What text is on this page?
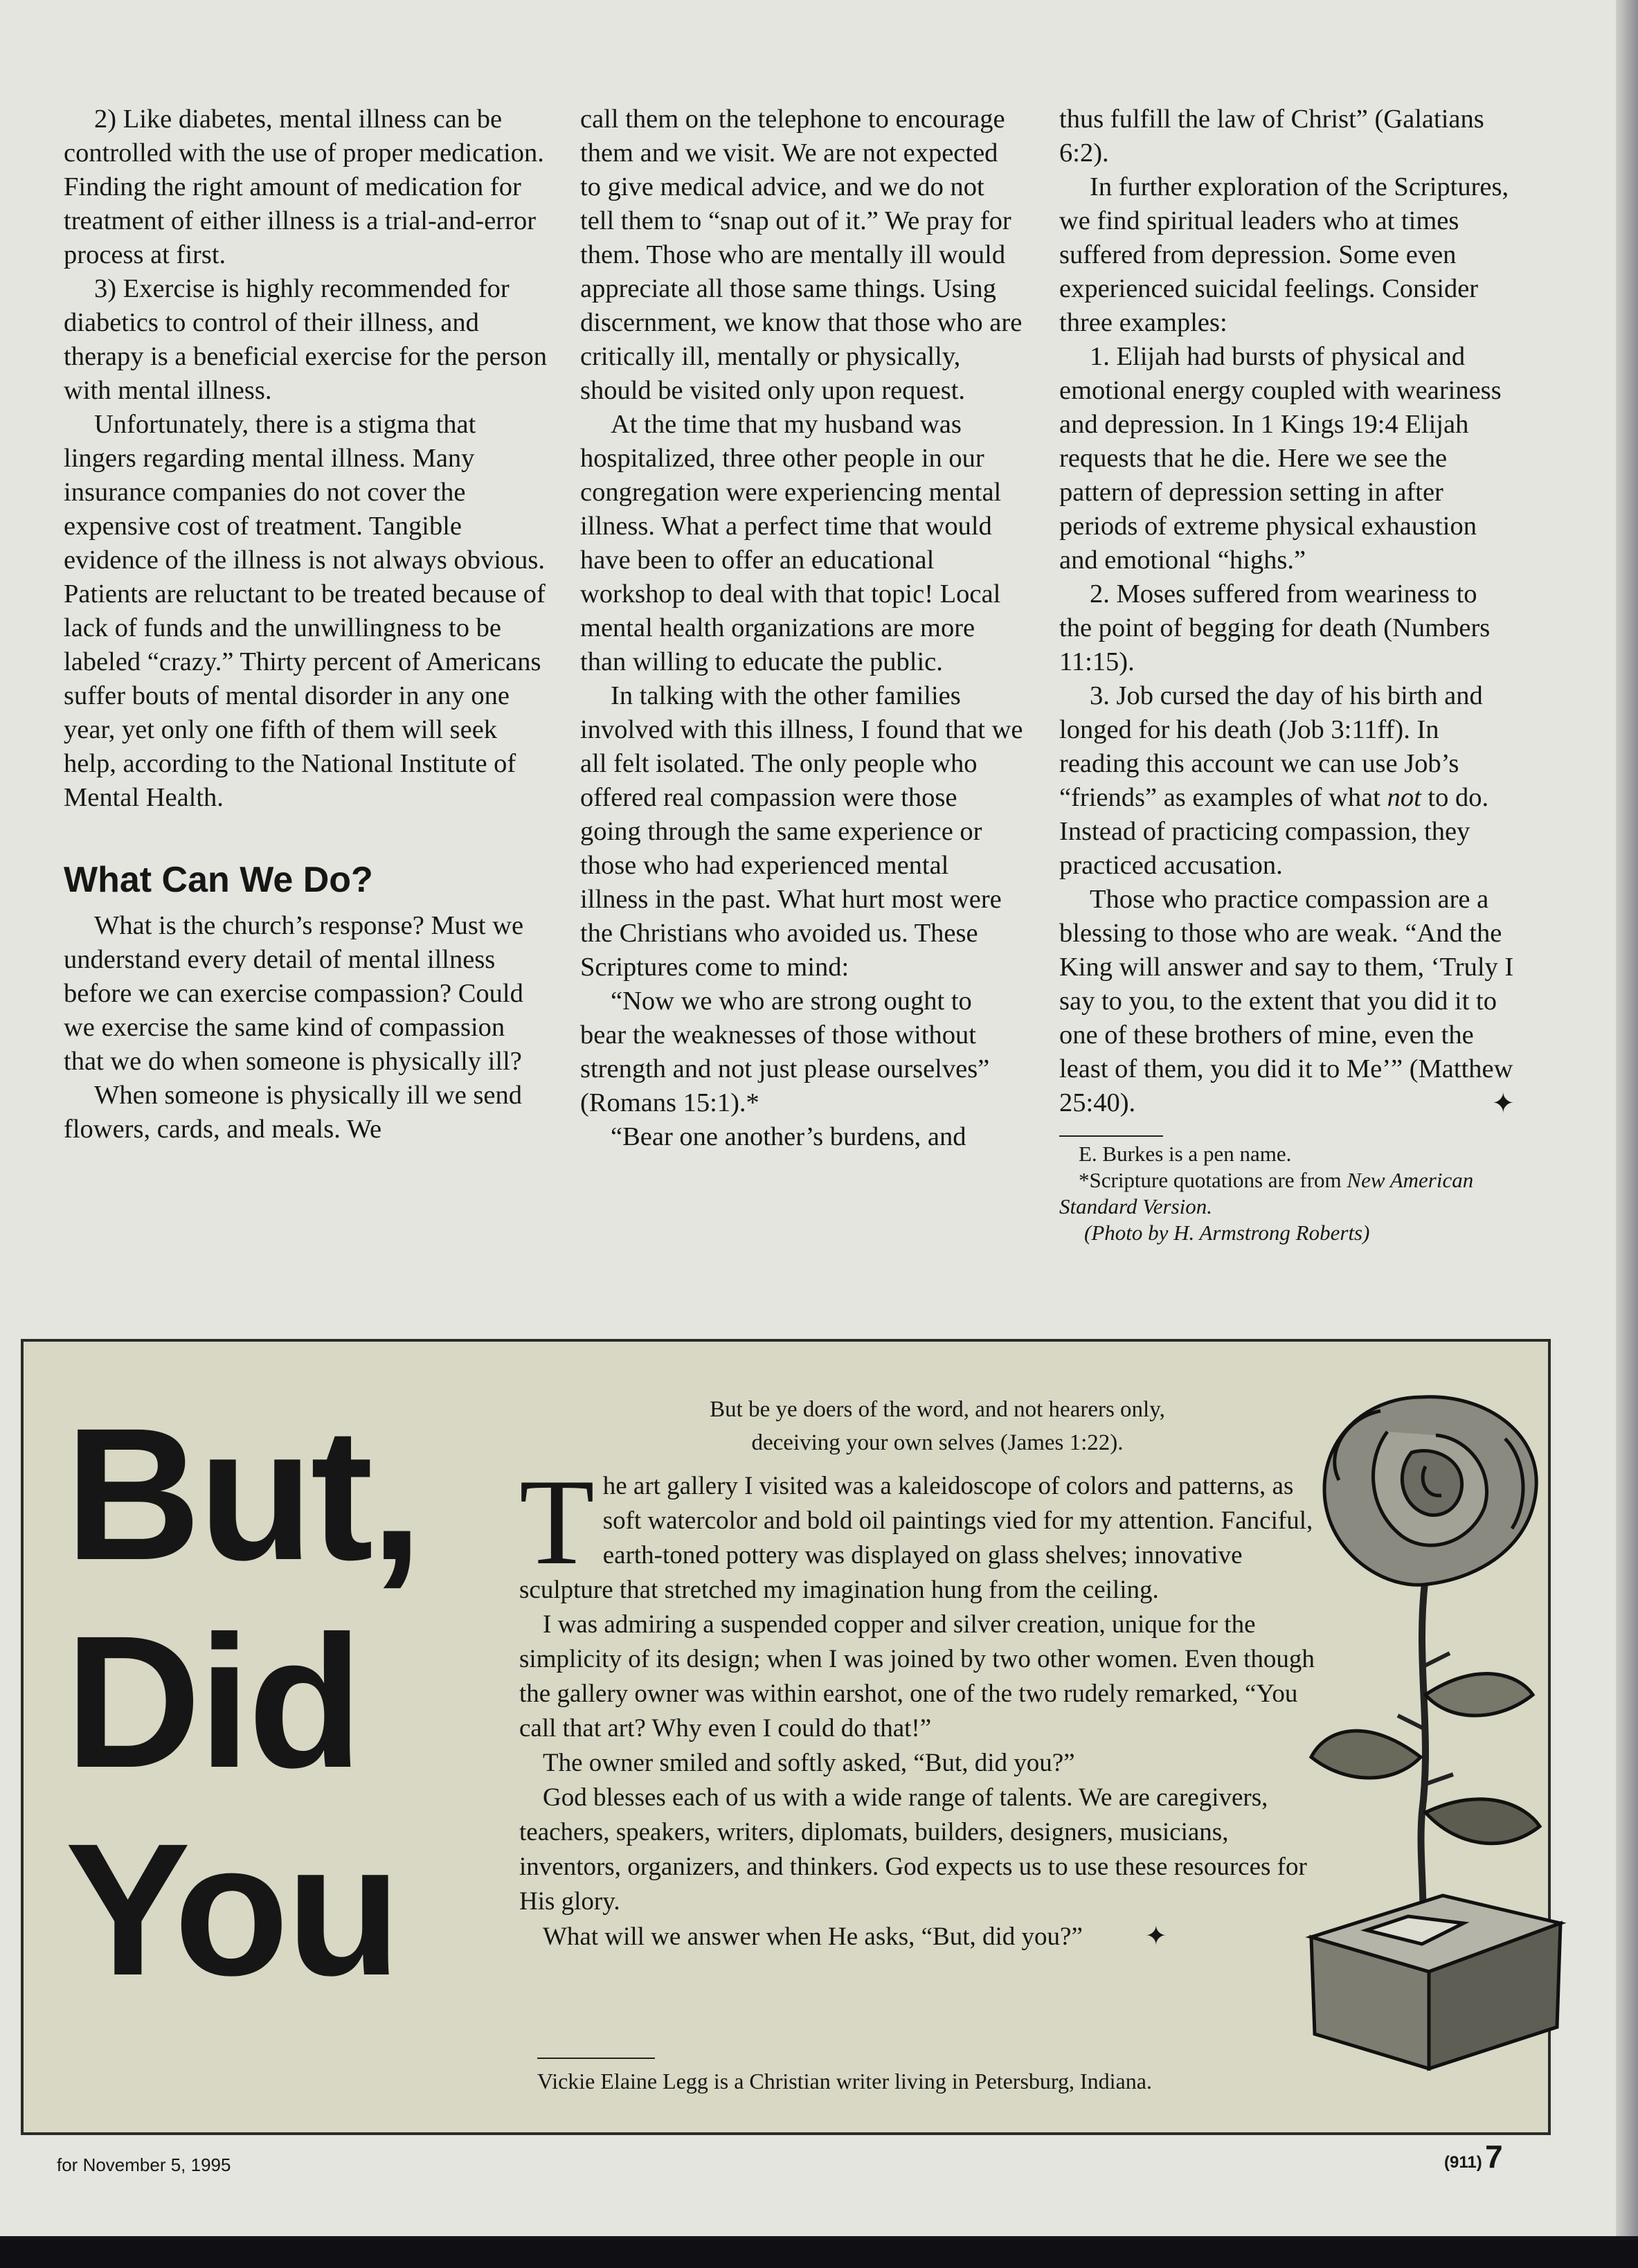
2) Like diabetes, mental illness can be controlled with the use of proper medication. Finding the right amount of medication for treatment of either illness is a trial-and-error process at first.

3) Exercise is highly recommended for diabetics to control of their illness, and therapy is a beneficial exercise for the person with mental illness.

Unfortunately, there is a stigma that lingers regarding mental illness. Many insurance companies do not cover the expensive cost of treatment. Tangible evidence of the illness is not always obvious. Patients are reluctant to be treated because of lack of funds and the unwillingness to be labeled “crazy.” Thirty percent of Americans suffer bouts of mental disorder in any one year, yet only one fifth of them will seek help, according to the National Institute of Mental Health.

What Can We Do?

What is the church’s response? Must we understand every detail of mental illness before we can exercise compassion? Could we exercise the same kind of compassion that we do when someone is physically ill?

When someone is physically ill we send flowers, cards, and meals. We

call them on the telephone to encourage them and we visit. We are not expected to give medical advice, and we do not tell them to “snap out of it.” We pray for them. Those who are mentally ill would appreciate all those same things. Using discernment, we know that those who are critically ill, mentally or physically, should be visited only upon request.

At the time that my husband was hospitalized, three other people in our congregation were experiencing mental illness. What a perfect time that would have been to offer an educational workshop to deal with that topic! Local mental health organizations are more than willing to educate the public.

In talking with the other families involved with this illness, I found that we all felt isolated. The only people who offered real compassion were those going through the same experience or those who had experienced mental illness in the past. What hurt most were the Christians who avoided us. These Scriptures come to mind:

“Now we who are strong ought to bear the weaknesses of those without strength and not just please ourselves” (Romans 15:1).*

“Bear one another’s burdens, and

thus fulfill the law of Christ” (Galatians 6:2).

In further exploration of the Scriptures, we find spiritual leaders who at times suffered from depression. Some even experienced suicidal feelings. Consider three examples:

1. Elijah had bursts of physical and emotional energy coupled with weariness and depression. In 1 Kings 19:4 Elijah requests that he die. Here we see the pattern of depression setting in after periods of extreme physical exhaustion and emotional “highs.”

2. Moses suffered from weariness to the point of begging for death (Numbers 11:15).

3. Job cursed the day of his birth and longed for his death (Job 3:11ff). In reading this account we can use Job’s “friends” as examples of what not to do. Instead of practicing compassion, they practiced accusation.

Those who practice compassion are a blessing to those who are weak. “And the King will answer and say to them, ‘Truly I say to you, to the extent that you did it to one of these brothers of mine, even the least of them, you did it to Me’” (Matthew 25:40).	✦

E. Burkes is a pen name.

*Scripture quotations are from New American Standard Version.

(Photo by H. Armstrong Roberts)

But,
Did
You
But be ye doers of the word, and not hearers only,
deceiving your own selves (James 1:22).

The art gallery I visited was a kaleidoscope of colors and patterns, as soft watercolor and bold oil paintings vied for my attention. Fanciful, earth-toned pottery was displayed on glass shelves; innovative sculpture that stretched my imagination hung from the ceiling.

I was admiring a suspended copper and silver creation, unique for the simplicity of its design; when I was joined by two other women. Even though the gallery owner was within earshot, one of the two rudely remarked, “You call that art? Why even I could do that!”

The owner smiled and softly asked, “But, did you?”

God blesses each of us with a wide range of talents. We are caregivers, teachers, speakers, writers, diplomats, builders, designers, musicians, inventors, organizers, and thinkers. God expects us to use these resources for His glory.

What will we answer when He asks, “But, did you?” ✦

Vickie Elaine Legg is a Christian writer living in Petersburg, Indiana.
for November 5, 1995	(911) 7
